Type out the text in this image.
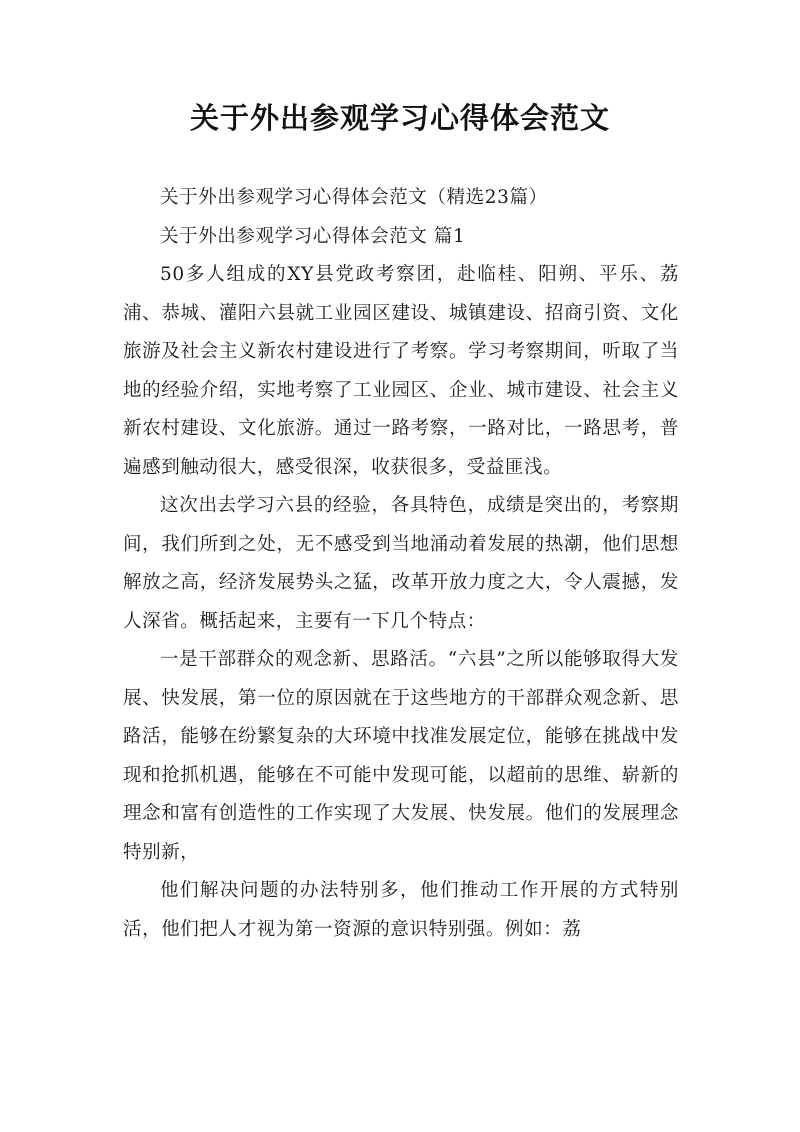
关于外出参观学习心得体会范文

关于外出参观学习心得体会范文（精选23篇）

关于外出参观学习心得体会范文 篇1

50多人组成的XY县党政考察团，赴临桂、阳朔、平乐、荔浦、恭城、灌阳六县就工业园区建设、城镇建设、招商引资、文化旅游及社会主义新农村建设进行了考察。学习考察期间，听取了当地的经验介绍，实地考察了工业园区、企业、城市建设、社会主义新农村建设、文化旅游。通过一路考察，一路对比，一路思考，普遍感到触动很大，感受很深，收获很多，受益匪浅。

这次出去学习六县的经验，各具特色，成绩是突出的，考察期间，我们所到之处，无不感受到当地涌动着发展的热潮，他们思想解放之高，经济发展势头之猛，改革开放力度之大，令人震撼，发人深省。概括起来，主要有一下几个特点：

一是干部群众的观念新、思路活。“六县”之所以能够取得大发展、快发展，第一位的原因就在于这些地方的干部群众观念新、思路活，能够在纷繁复杂的大环境中找准发展定位，能够在挑战中发现和抢抓机遇，能够在不可能中发现可能，以超前的思维、崭新的理念和富有创造性的工作实现了大发展、快发展。他们的发展理念特别新，

他们解决问题的办法特别多，他们推动工作开展的方式特别活，他们把人才视为第一资源的意识特别强。例如：荔
